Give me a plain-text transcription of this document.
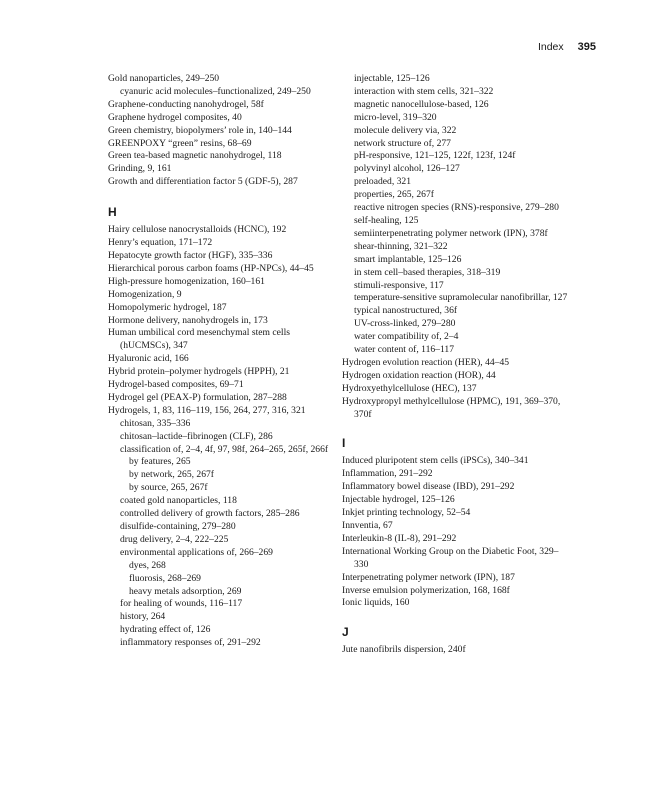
Index 395

Gold nanoparticles, 249–250

cyanuric acid molecules–functionalized, 249–250

Graphene-conducting nanohydrogel, 58f

Graphene hydrogel composites, 40

Green chemistry, biopolymers’ role in, 140–144

GREENPOXY “green” resins, 68–69

Green tea-based magnetic nanohydrogel, 118

Grinding, 9, 161

Growth and differentiation factor 5 (GDF-5), 287

H

Hairy cellulose nanocrystalloids (HCNC), 192

Henry’s equation, 171–172

Hepatocyte growth factor (HGF), 335–336

Hierarchical porous carbon foams (HP-NPCs), 44–45

High-pressure homogenization, 160–161

Homogenization, 9

Homopolymeric hydrogel, 187

Hormone delivery, nanohydrogels in, 173

Human umbilical cord mesenchymal stem cells (hUCMSCs), 347

Hyaluronic acid, 166

Hybrid protein–polymer hydrogels (HPPH), 21

Hydrogel-based composites, 69–71

Hydrogel gel (PEAX-P) formulation, 287–288

Hydrogels, 1, 83, 116–119, 156, 264, 277, 316, 321

chitosan, 335–336

chitosan–lactide–fibrinogen (CLF), 286

classification of, 2–4, 4f, 97, 98f, 264–265, 265f, 266f

by features, 265

by network, 265, 267f

by source, 265, 267f

coated gold nanoparticles, 118

controlled delivery of growth factors, 285–286

disulfide-containing, 279–280

drug delivery, 2–4, 222–225

environmental applications of, 266–269

dyes, 268

fluorosis, 268–269

heavy metals adsorption, 269

for healing of wounds, 116–117

history, 264

hydrating effect of, 126

inflammatory responses of, 291–292

injectable, 125–126

interaction with stem cells, 321–322

magnetic nanocellulose-based, 126

micro-level, 319–320

molecule delivery via, 322

network structure of, 277

pH-responsive, 121–125, 122f, 123f, 124f

polyvinyl alcohol, 126–127

preloaded, 321

properties, 265, 267f

reactive nitrogen species (RNS)-responsive, 279–280

self-healing, 125

semiinterpenetrating polymer network (IPN), 378f

shear-thinning, 321–322

smart implantable, 125–126

in stem cell–based therapies, 318–319

stimuli-responsive, 117

temperature-sensitive supramolecular nanofibrillar, 127

typical nanostructured, 36f

UV-cross-linked, 279–280

water compatibility of, 2–4

water content of, 116–117

Hydrogen evolution reaction (HER), 44–45

Hydrogen oxidation reaction (HOR), 44

Hydroxyethylcellulose (HEC), 137

Hydroxypropyl methylcellulose (HPMC), 191, 369–370, 370f

I

Induced pluripotent stem cells (iPSCs), 340–341

Inflammation, 291–292

Inflammatory bowel disease (IBD), 291–292

Injectable hydrogel, 125–126

Inkjet printing technology, 52–54

Innventia, 67

Interleukin-8 (IL-8), 291–292

International Working Group on the Diabetic Foot, 329–330

Interpenetrating polymer network (IPN), 187

Inverse emulsion polymerization, 168, 168f

Ionic liquids, 160

J

Jute nanofibrils dispersion, 240f
